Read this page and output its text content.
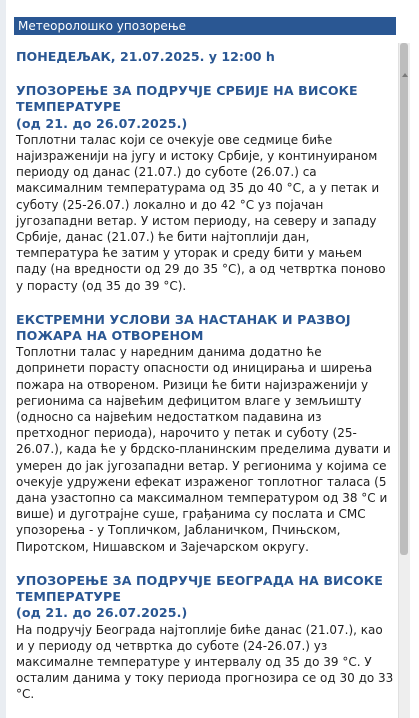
Метеоролошко упозорење

ПОНЕДЕЉАК, 21.07.2025. у 12:00 h

УПОЗОРЕЊЕ ЗА ПОДРУЧЈЕ СРБИЈЕ НА ВИСОКЕ ТЕМПЕРАТУРЕ
(од 21. до 26.07.2025.)

Топлотни талас који се очекује ове седмице биће најизраженији на југу и истоку Србије, у континуираном периоду од данас (21.07.) до суботе (26.07.) са максималним температурама од 35 до 40 °C, а у петак и суботу (25-26.07.) локално и до 42 °C уз појачан југозападни ветар. У истом периоду, на северу и западу Србије, данас (21.07.) ће бити најтоплији дан, температура ће затим у уторак и среду бити у мањем паду (на вредности од 29 до 35 °C), а од четвртка поново у порасту (од 35 до 39 °C).

ЕКСТРЕМНИ УСЛОВИ ЗА НАСТАНАК И РАЗВОЈ ПОЖАРА НА ОТВОРЕНОМ

Топлотни талас у наредним данима додатно ће допринети порасту опасности од иницирања и ширења пожара на отвореном. Ризици ће бити најизраженији у регионима са највећим дефицитом влаге у земљишту (односно са највећим недостатком падавина из претходног периода), нарочито у петак и суботу (25-26.07.), када ће у брдско-планинским пределима дувати и умерен до јак југозападни ветар. У регионима у којима се очекује удружени ефекат израженог топлотног таласа (5 дана узастопно са максималном температуром од 38 °C и више) и дуготрајне суше, грађанима су послата и СМС упозорења - у Топличком, Јабланичком, Пчињском, Пиротском, Нишавском и Зајечарском округу.

УПОЗОРЕЊЕ ЗА ПОДРУЧЈЕ БЕОГРАДА НА ВИСОКЕ ТЕМПЕРАТУРЕ
(од 21. до 26.07.2025.)

На подручју Београда најтоплије биће данас (21.07.), као и у периоду од четвртка до суботе (24-26.07.) уз максималне температуре у интервалу од 35 до 39 °C. У осталим данима у току периода прогнозира се од 30 до 33 °C.
